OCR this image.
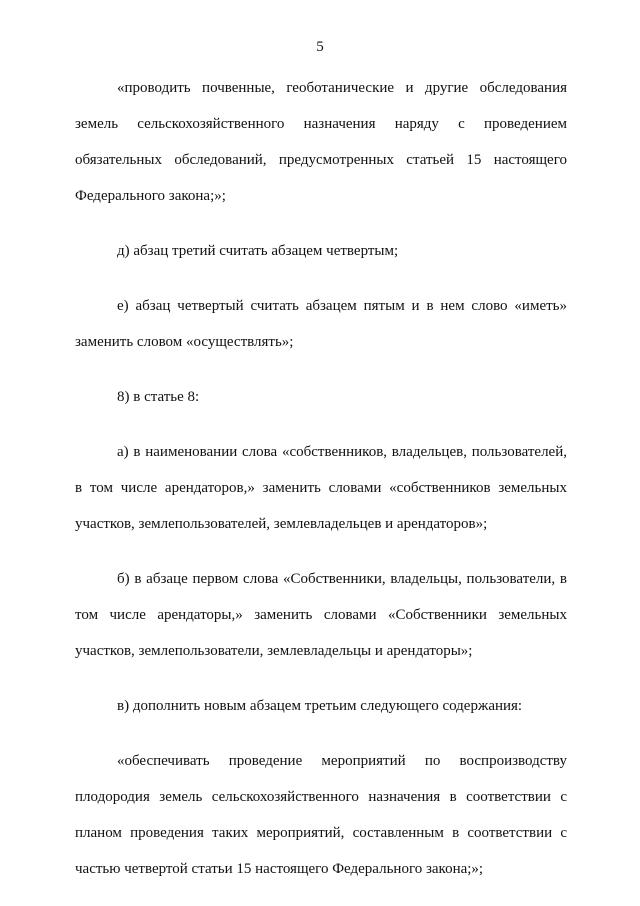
5

«проводить почвенные, геоботанические и другие обследования
земель сельскохозяйственного назначения наряду с проведением
обязательных обследований, предусмотренных статьей 15 настоящего
Федерального закона;»;

д) абзац третий считать абзацем четвертым;

е) абзац четвертый считать абзацем пятым и в нем слово «иметь»
заменить словом «осуществлять»;

8) в статье 8:

а) в наименовании слова «собственников, владельцев, пользователей,
в том числе арендаторов,» заменить словами «собственников земельных
участков, землепользователей, землевладельцев и арендаторов»;

б) в абзаце первом слова «Собственники, владельцы, пользователи, в
том числе арендаторы,» заменить словами «Собственники земельных
участков, землепользователи, землевладельцы и арендаторы»;

в) дополнить новым абзацем третьим следующего содержания:

«обеспечивать проведение мероприятий по воспроизводству
плодородия земель сельскохозяйственного назначения в соответствии с
планом проведения таких мероприятий, составленным в соответствии с
частью четвертой статьи 15 настоящего Федерального закона;»;
